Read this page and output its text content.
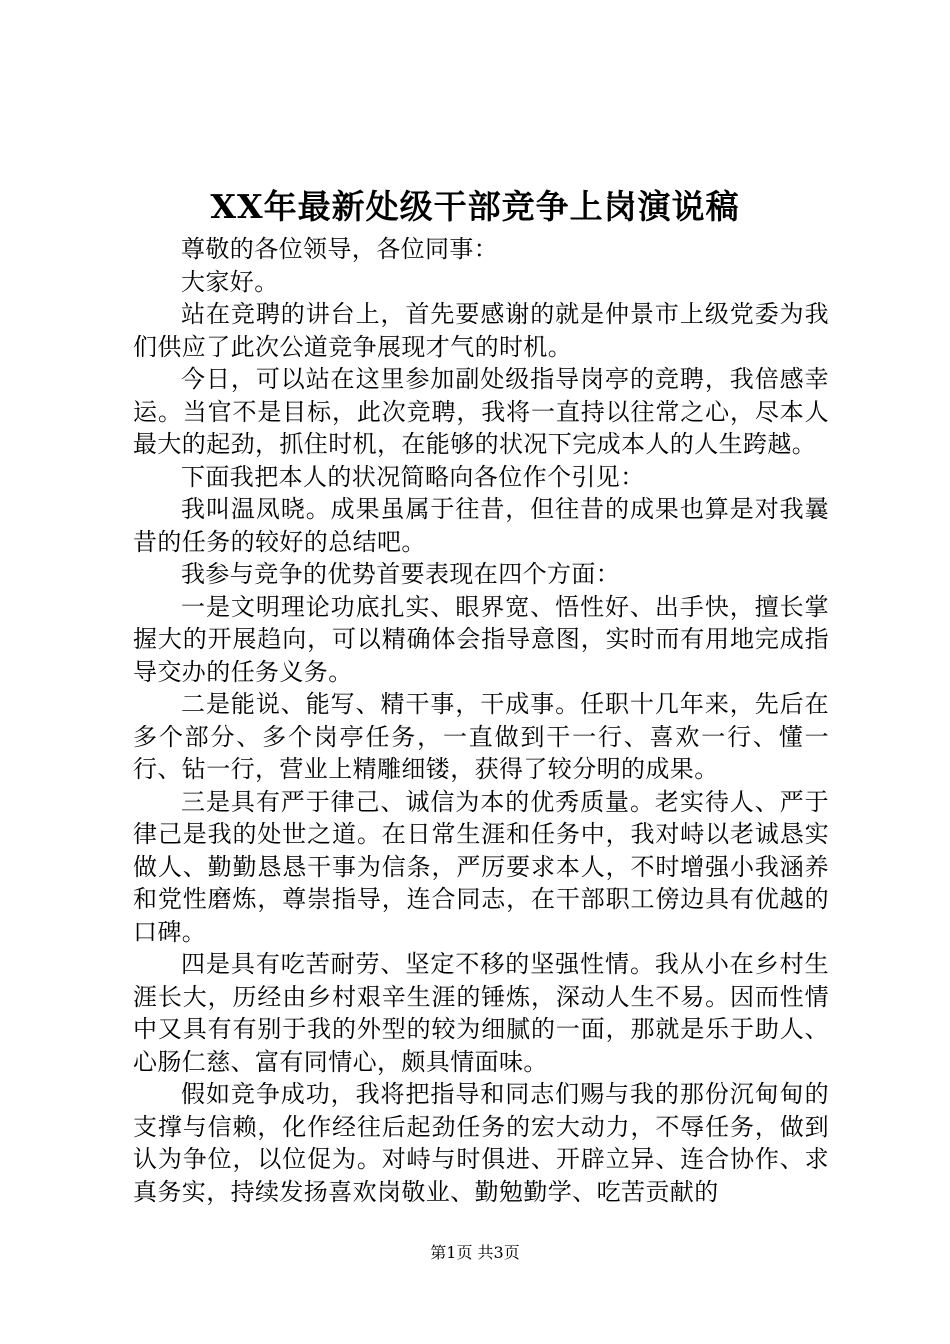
XX年最新处级干部竞争上岗演说稿

尊敬的各位领导，各位同事：

大家好。

站在竞聘的讲台上，首先要感谢的就是仲景市上级党委为我们供应了此次公道竞争展现才气的时机。

今日，可以站在这里参加副处级指导岗亭的竞聘，我倍感幸运。当官不是目标，此次竞聘，我将一直持以往常之心，尽本人最大的起劲，抓住时机，在能够的状况下完成本人的人生跨越。

下面我把本人的状况简略向各位作个引见：

我叫温凤晓。成果虽属于往昔，但往昔的成果也算是对我曩昔的任务的较好的总结吧。

我参与竞争的优势首要表现在四个方面：

一是文明理论功底扎实、眼界宽、悟性好、出手快，擅长掌握大的开展趋向，可以精确体会指导意图，实时而有用地完成指导交办的任务义务。

二是能说、能写、精干事，干成事。任职十几年来，先后在多个部分、多个岗亭任务，一直做到干一行、喜欢一行、懂一行、钻一行，营业上精雕细镂，获得了较分明的成果。

三是具有严于律己、诚信为本的优秀质量。老实待人、严于律己是我的处世之道。在日常生涯和任务中，我对峙以老诚恳实做人、勤勤恳恳干事为信条，严厉要求本人，不时增强小我涵养和党性磨炼，尊崇指导，连合同志，在干部职工傍边具有优越的口碑。

四是具有吃苦耐劳、坚定不移的坚强性情。我从小在乡村生涯长大，历经由乡村艰辛生涯的锤炼，深动人生不易。因而性情中又具有有别于我的外型的较为细腻的一面，那就是乐于助人、心肠仁慈、富有同情心，颇具情面味。

假如竞争成功，我将把指导和同志们赐与我的那份沉甸甸的支撑与信赖，化作经往后起劲任务的宏大动力，不辱任务，做到认为争位，以位促为。对峙与时俱进、开辟立异、连合协作、求真务实，持续发扬喜欢岗敬业、勤勉勤学、吃苦贡献的

第1页 共3页
